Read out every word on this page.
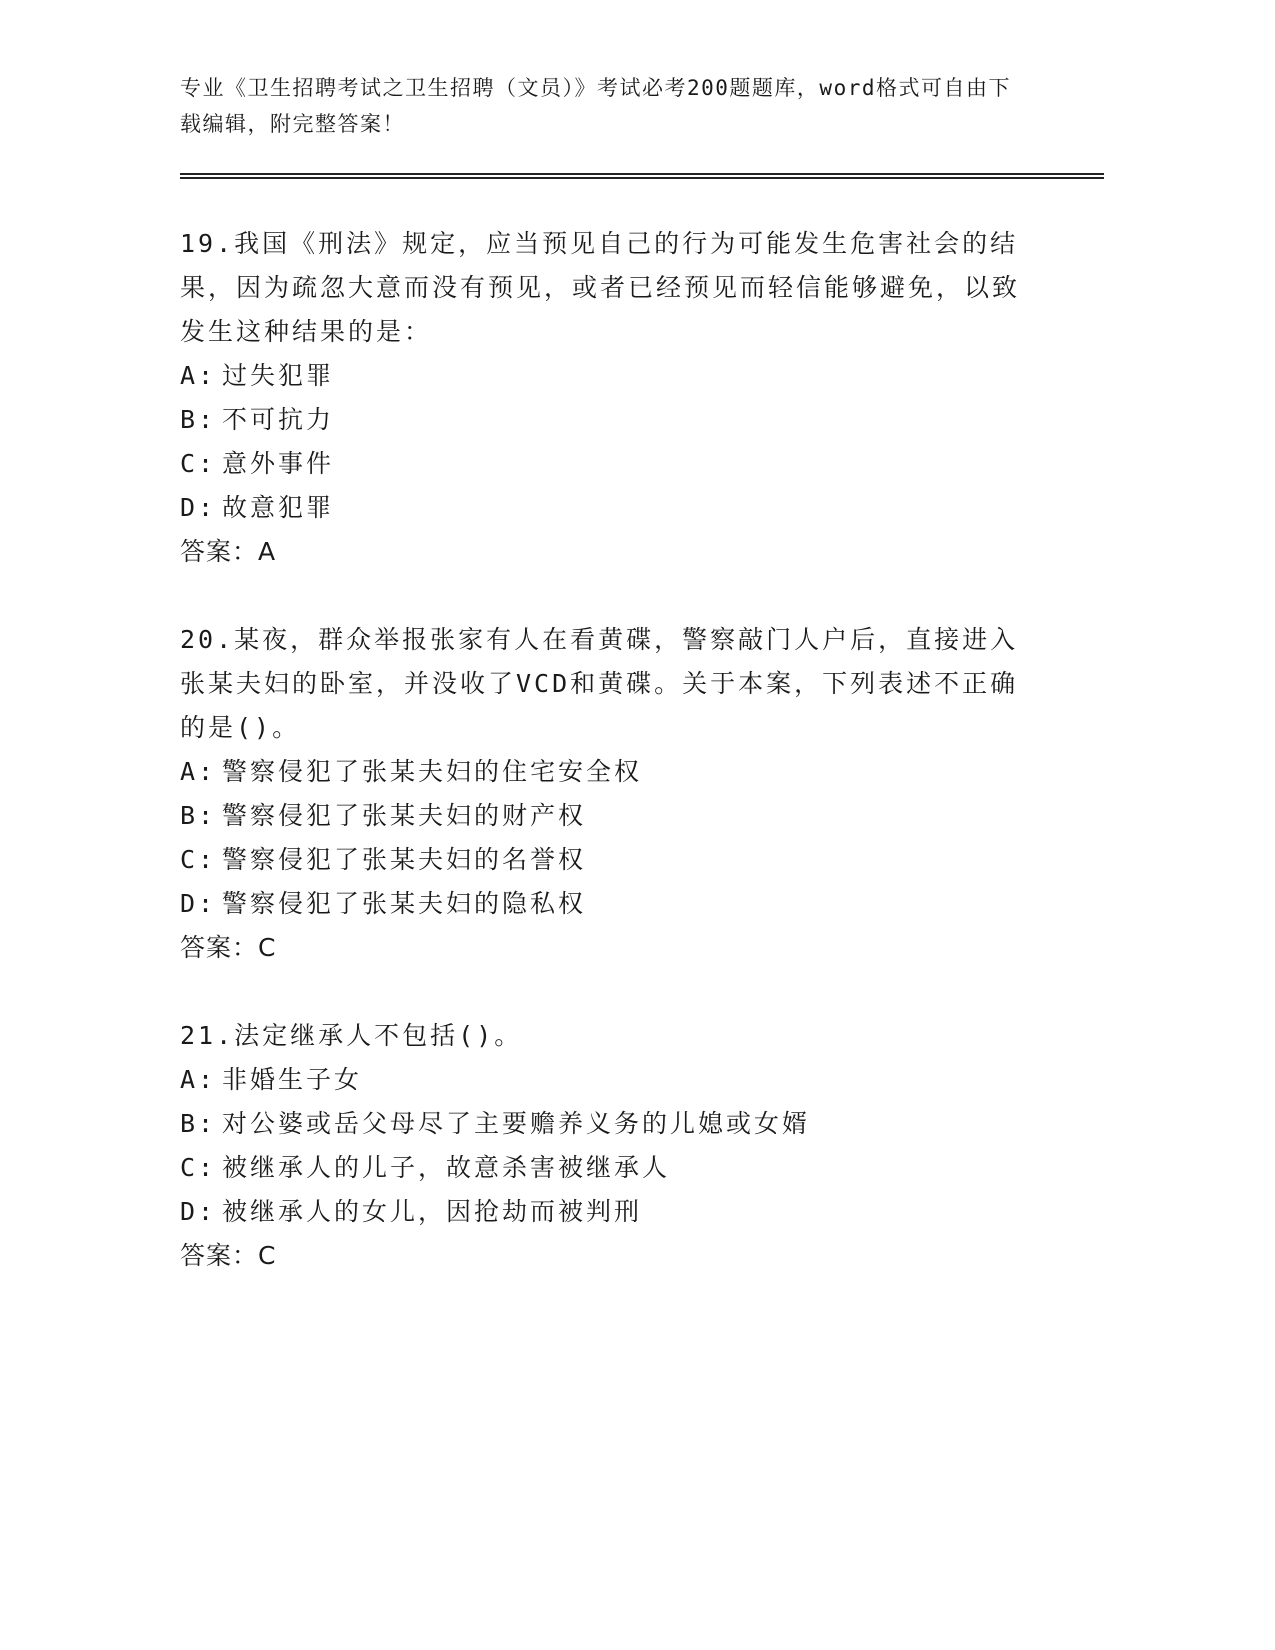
专业《卫生招聘考试之卫生招聘（文员）》考试必考200题题库，word格式可自由下载编辑，附完整答案！

19.我国《刑法》规定，应当预见自己的行为可能发生危害社会的结果，因为疏忽大意而没有预见，或者已经预见而轻信能够避免，以致发生这种结果的是：

A: 过失犯罪

B: 不可抗力

C: 意外事件

D: 故意犯罪

答案：A

20.某夜，群众举报张家有人在看黄碟，警察敲门人户后，直接进入张某夫妇的卧室，并没收了VCD和黄碟。关于本案，下列表述不正确的是()。

A: 警察侵犯了张某夫妇的住宅安全权

B: 警察侵犯了张某夫妇的财产权

C: 警察侵犯了张某夫妇的名誉权

D: 警察侵犯了张某夫妇的隐私权

答案：C

21.法定继承人不包括()。

A: 非婚生子女

B: 对公婆或岳父母尽了主要赡养义务的儿媳或女婿

C: 被继承人的儿子，故意杀害被继承人

D: 被继承人的女儿，因抢劫而被判刑

答案：C
